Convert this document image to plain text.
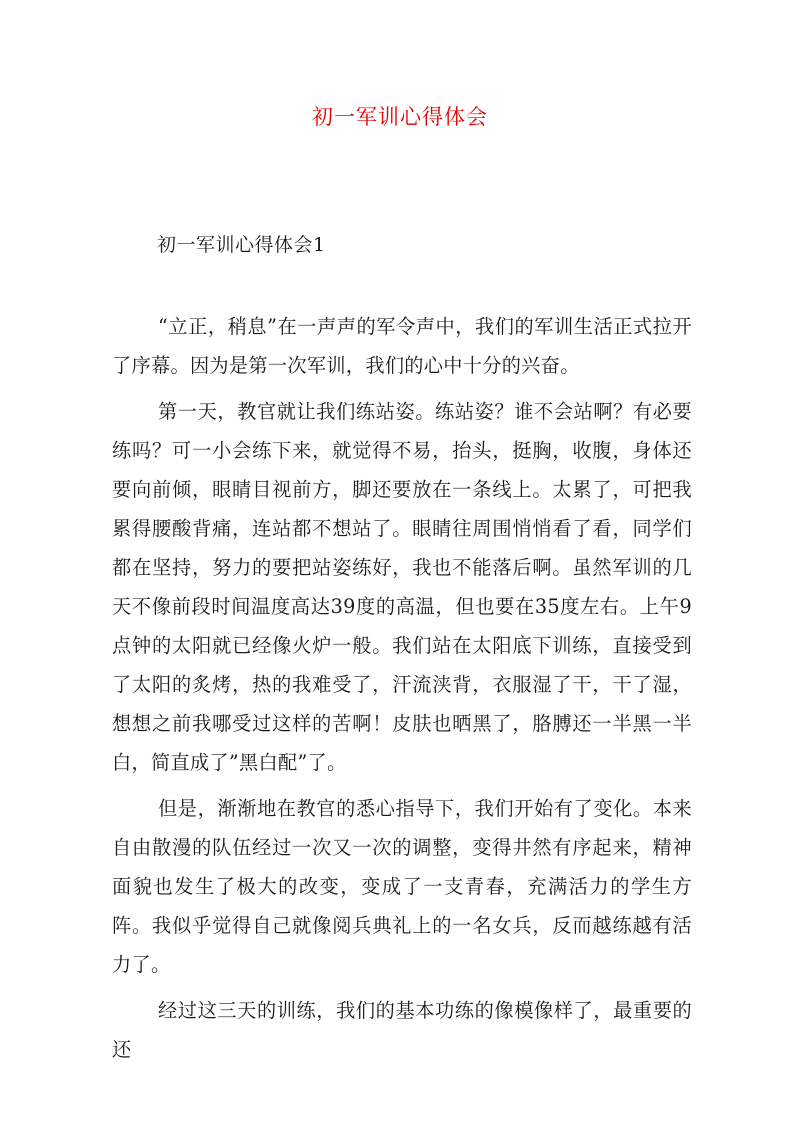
初一军训心得体会
初一军训心得体会1

“立正，稍息”在一声声的军令声中，我们的军训生活正式拉开了序幕。因为是第一次军训，我们的心中十分的兴奋。

第一天，教官就让我们练站姿。练站姿？谁不会站啊？有必要练吗？可一小会练下来，就觉得不易，抬头，挺胸，收腹，身体还要向前倾，眼睛目视前方，脚还要放在一条线上。太累了，可把我累得腰酸背痛，连站都不想站了。眼睛往周围悄悄看了看，同学们都在坚持，努力的要把站姿练好，我也不能落后啊。虽然军训的几天不像前段时间温度高达39度的高温，但也要在35度左右。上午9点钟的太阳就已经像火炉一般。我们站在太阳底下训练，直接受到了太阳的炙烤，热的我难受了，汗流浃背，衣服湿了干，干了湿，想想之前我哪受过这样的苦啊！皮肤也晒黑了，胳膊还一半黑一半白，简直成了”黑白配”了。

但是，渐渐地在教官的悉心指导下，我们开始有了变化。本来自由散漫的队伍经过一次又一次的调整，变得井然有序起来，精神面貌也发生了极大的改变，变成了一支青春，充满活力的学生方阵。我似乎觉得自己就像阅兵典礼上的一名女兵，反而越练越有活力了。

经过这三天的训练，我们的基本功练的像模像样了，最重要的还
